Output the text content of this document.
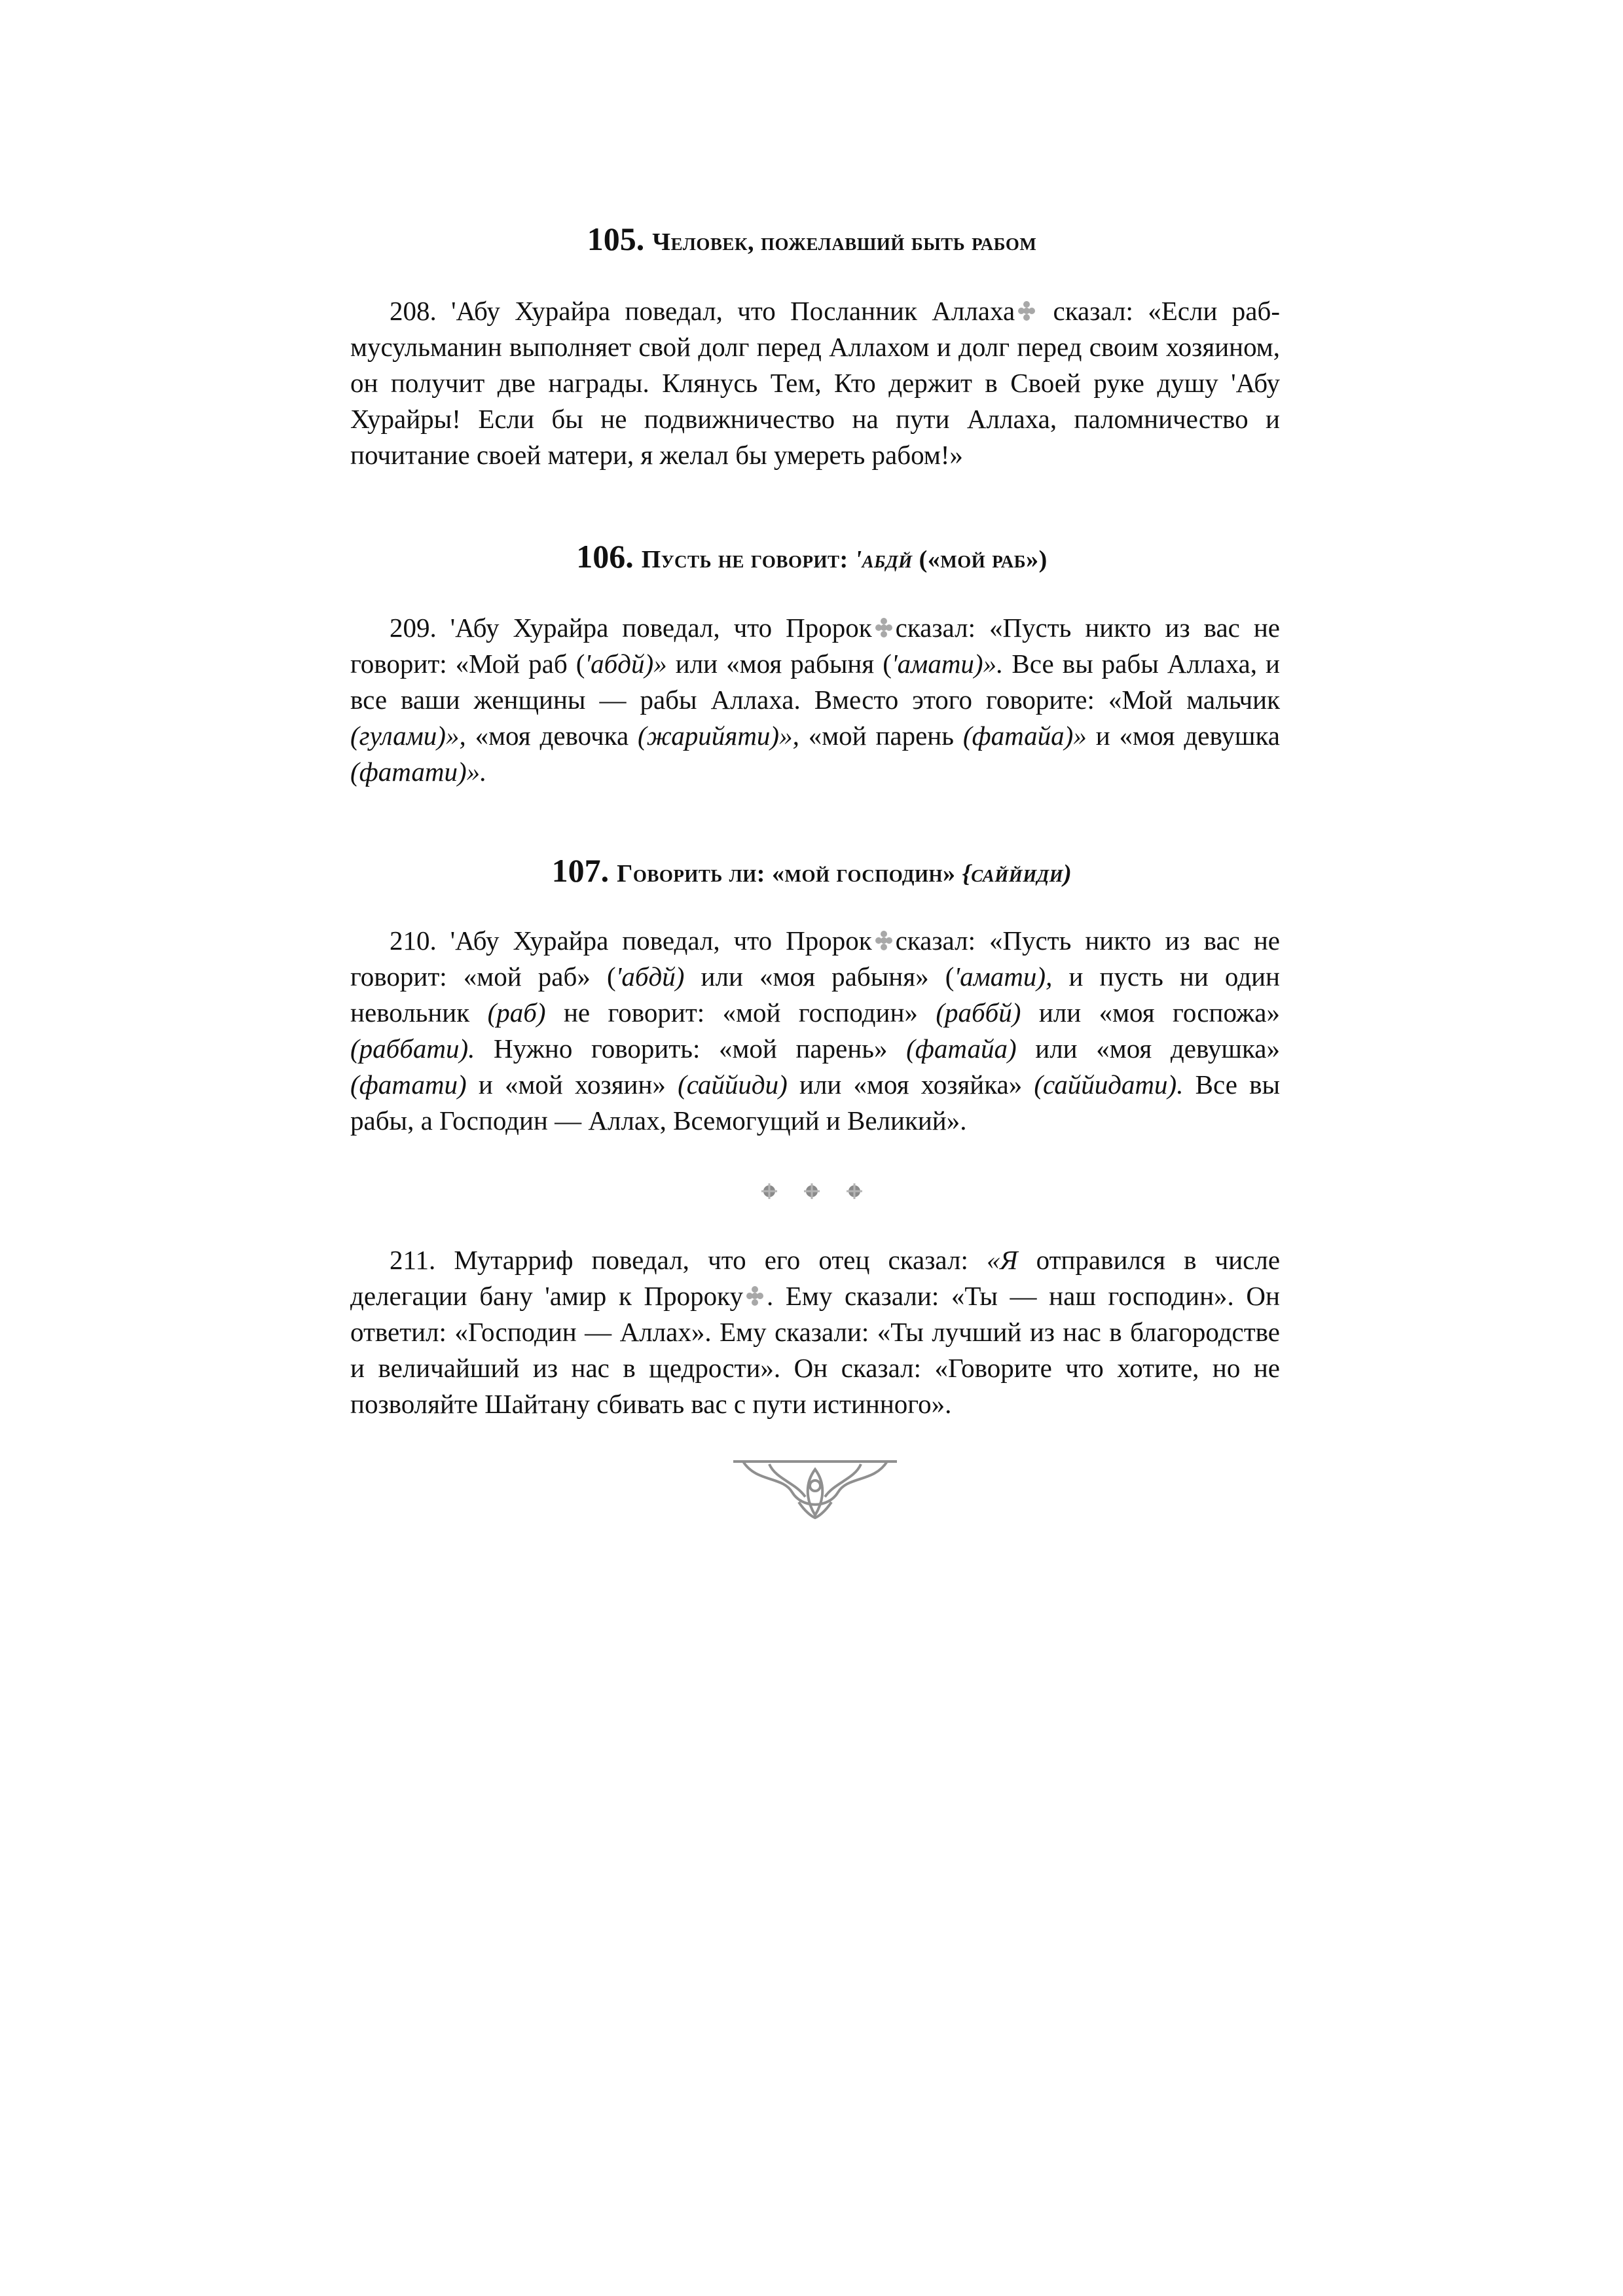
105. Человек, пожелавший быть рабом
208. 'Абу Хурайра поведал, что Посланник Аллаха сказал: «Если раб-мусульманин выполняет свой долг перед Аллахом и долг перед своим хозяином, он получит две награды. Клянусь Тем, Кто держит в Своей руке душу 'Абу Хурайры! Если бы не подвижничество на пути Аллаха, паломничество и почитание своей матери, я желал бы умереть рабом!»
106. Пусть не говорит: 'абдй («мой раб»)
209. 'Абу Хурайра поведал, что Пророк сказал: «Пусть никто из вас не говорит: «Мой раб ('абдй)» или «моя рабыня ('амати)». Все вы рабы Аллаха, и все ваши женщины — рабы Аллаха. Вместо этого говорите: «Мой мальчик (гулами)», «моя девочка (жарийяти)», «мой парень (фатайа)» и «моя девушка (фатати)».
107. Говорить ли: «мой господин» {саййиди)
210. 'Абу Хурайра поведал, что Пророк сказал: «Пусть никто из вас не говорит: «мой раб» ('абдй) или «моя рабыня» ('амати), и пусть ни один невольник (раб) не говорит: «мой господин» (раббй) или «моя госпожа» (раббати). Нужно говорить: «мой парень» (фатайа) или «моя девушка» (фатати) и «мой хозяин» (саййиди) или «моя хозяйка» (саййидати). Все вы рабы, а Господин — Аллах, Всемогущий и Великий».
211. Мутарриф поведал, что его отец сказал: «Я отправился в числе делегации бану 'амир к Пророку . Ему сказали: «Ты — наш господин». Он ответил: «Господин — Аллах». Ему сказали: «Ты лучший из нас в благородстве и величайший из нас в щедрости». Он сказал: «Говорите что хотите, но не позволяйте Шайтану сбивать вас с пути истинного».
